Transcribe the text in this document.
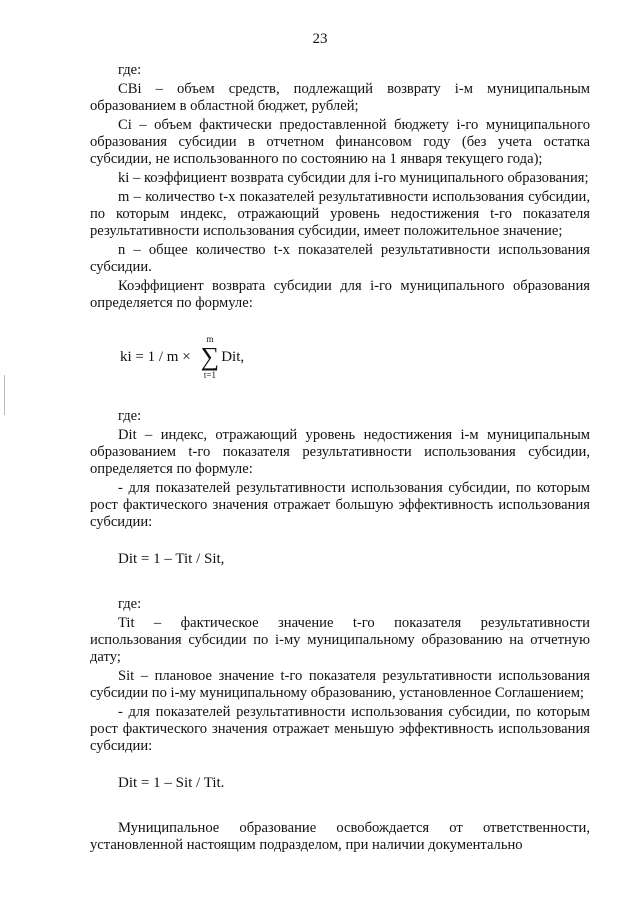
23

где:

CBi – объем средств, подлежащий возврату i-м муниципальным образованием в областной бюджет, рублей;

Ci – объем фактически предоставленной бюджету i-го муниципального образования субсидии в отчетном финансовом году (без учета остатка субсидии, не использованного по состоянию на 1 января текущего года);

ki – коэффициент возврата субсидии для i-го муниципального образования;

m – количество t-х показателей результативности использования субсидии, по которым индекс, отражающий уровень недостижения t-го показателя результативности использования субсидии, имеет положительное значение;

n – общее количество t-х показателей результативности использования субсидии.

Коэффициент возврата субсидии для i-го муниципального образования определяется по формуле:

ki = 1 / m ×
m
∑
t=1
Dit,

где:

Dit – индекс, отражающий уровень недостижения i-м муниципальным образованием t-го показателя результативности использования субсидии, определяется по формуле:

- для показателей результативности использования субсидии, по которым рост фактического значения отражает большую эффективность использования субсидии:

Dit = 1 – Tit / Sit,

где:

Tit – фактическое значение t-го показателя результативности использования субсидии по i-му муниципальному образованию на отчетную дату;

Sit – плановое значение t-го показателя результативности использования субсидии по i-му муниципальному образованию, установленное Соглашением;

- для показателей результативности использования субсидии, по которым рост фактического значения отражает меньшую эффективность использования субсидии:

Dit = 1 – Sit / Tit.

Муниципальное образование освобождается от ответственности, установленной настоящим подразделом, при наличии документально
